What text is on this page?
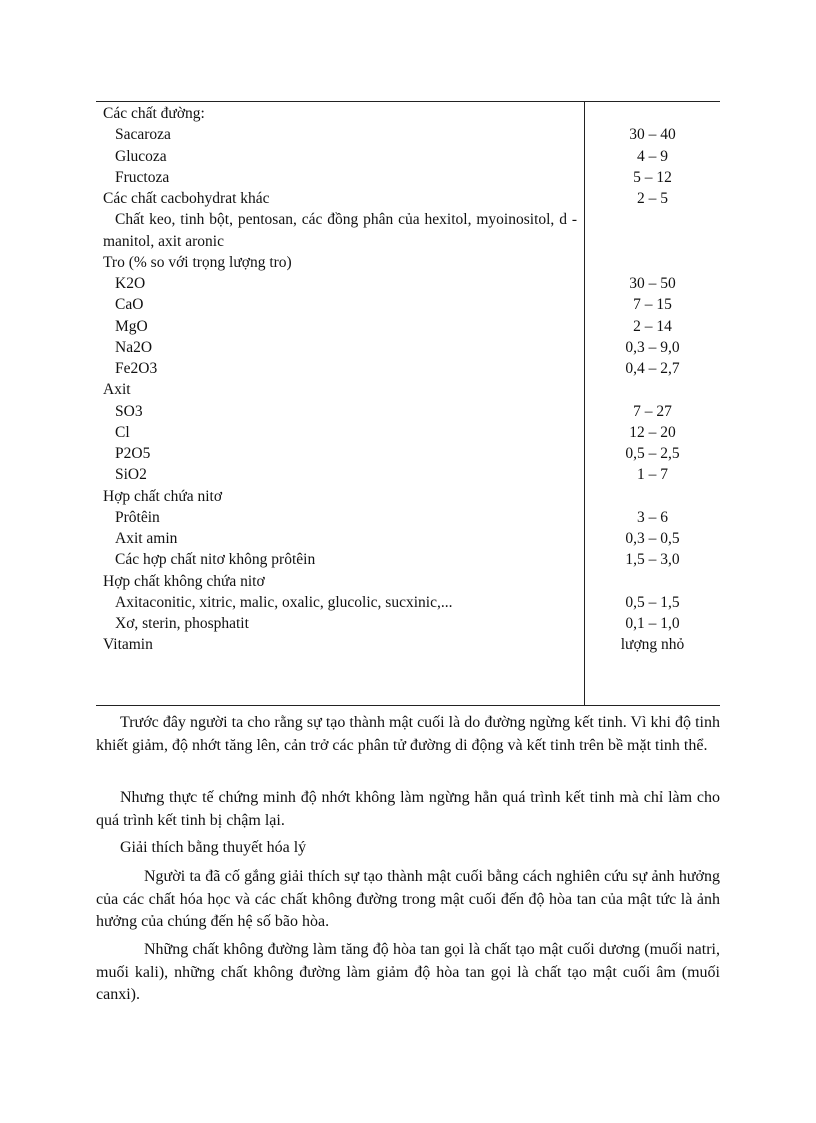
Các chất đường:
Sacaroza	30 – 40
Glucoza	4 – 9
Fructoza	5 – 12
Các chất cacbohydrat khác	2 – 5
Chất keo, tinh bột, pentosan, các đồng phân của hexitol, myoinositol, d - manitol, axit aronic
Tro (% so với trọng lượng tro)
K2O	30 – 50
CaO	7 – 15
MgO	2 – 14
Na2O	0,3 – 9,0
Fe2O3	0,4 – 2,7
Axit
SO3	7 – 27
Cl	12 – 20
P2O5	0,5 – 2,5
SiO2	1 – 7
Hợp chất chứa nitơ
Prôtêin	3 – 6
Axit amin	0,3 – 0,5
Các hợp chất nitơ không prôtêin	1,5 – 3,0
Hợp chất không chứa nitơ
Axitaconitic, xitric, malic, oxalic, glucolic, sucxinic,...	0,5 – 1,5
Xơ, sterin, phosphatit	0,1 – 1,0
Vitamin	lượng nhỏ

Trước đây người ta cho rằng sự tạo thành mật cuối là do đường ngừng kết tinh. Vì khi độ tinh khiết giảm, độ nhớt tăng lên, cản trở các phân tử đường di động và kết tinh trên bề mặt tinh thể.

Nhưng thực tế chứng minh độ nhớt không làm ngừng hẳn quá trình kết tinh mà chỉ làm cho quá trình kết tinh bị chậm lại.

Giải thích bằng thuyết hóa lý

Người ta đã cố gắng giải thích sự tạo thành mật cuối bằng cách nghiên cứu sự ảnh hưởng của các chất hóa học và các chất không đường trong mật cuối đến độ hòa tan của mật tức là ảnh hưởng của chúng đến hệ số bão hòa.

Những chất không đường làm tăng độ hòa tan gọi là chất tạo mật cuối dương (muối natri, muối kali), những chất không đường làm giảm độ hòa tan gọi là chất tạo mật cuối âm (muối canxi).
